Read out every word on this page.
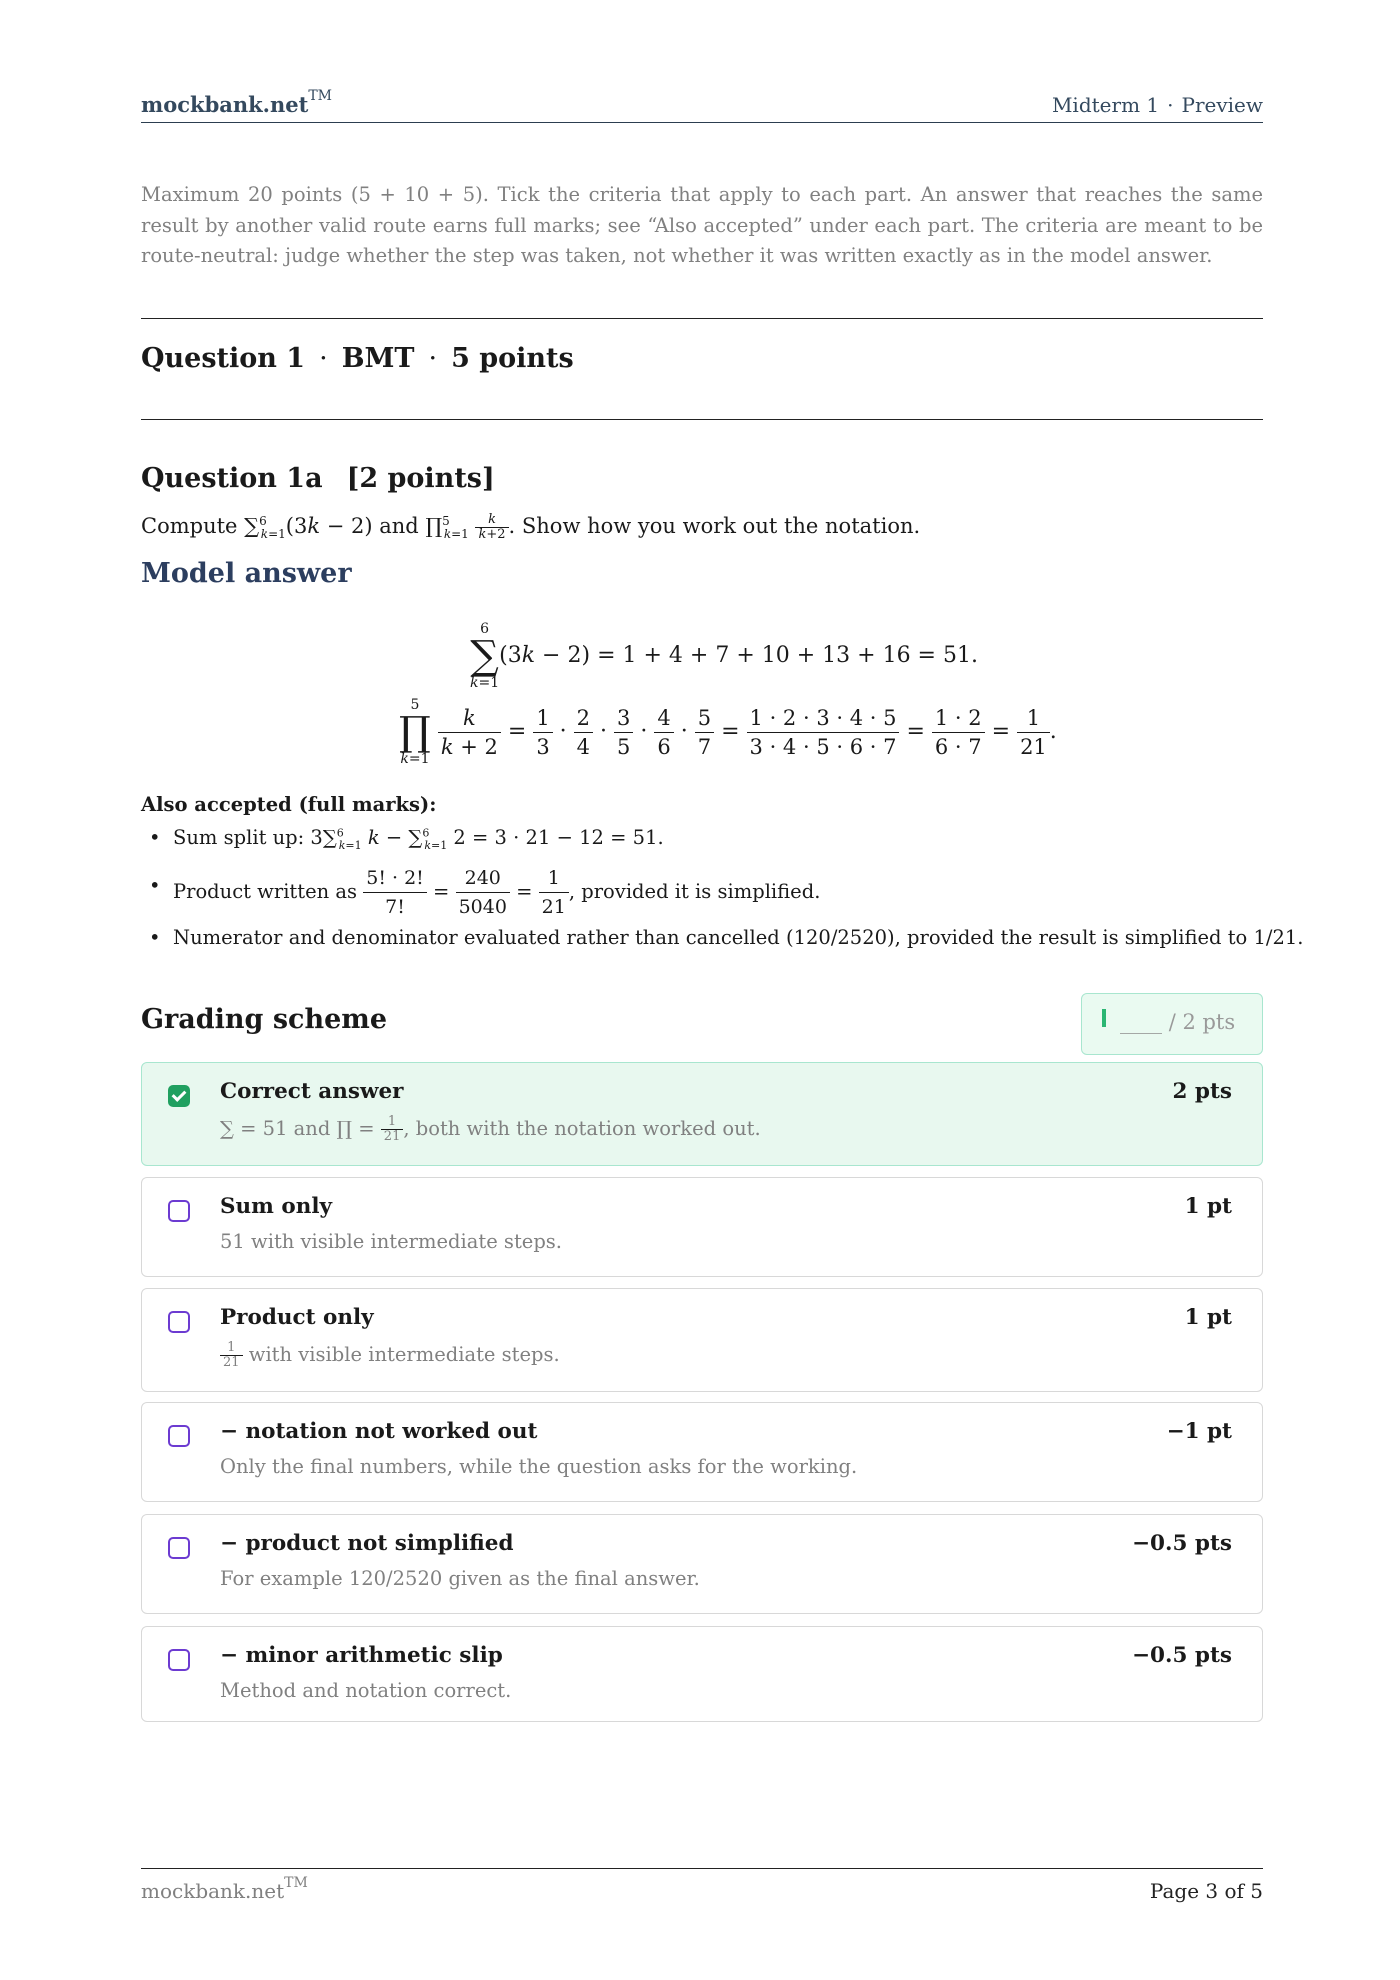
mockbank.net™	Midterm 1 · Preview
Maximum 20 points (5 + 10 + 5). Tick the criteria that apply to each part. An answer that reaches the same result by another valid route earns full marks; see “Also accepted” under each part. The criteria are meant to be route-neutral: judge whether the step was taken, not whether it was written exactly as in the model answer.
Question 1 · BMT · 5 points
Question 1a [2 points]
Compute ∑$^6_{k=1}$(3k − 2) and ∏$^5_{k=1}$ $\frac{k}{k+2}$ . Show how you work out the notation.
Model answer
6
∑
k=1
(3k − 2) = 1 + 4 + 7 + 10 + 13 + 16 = 51.
5
∏
k=1
$\frac{k}{k + 2} = \frac{1}{3} \cdot \frac{2}{4} \cdot \frac{3}{5} \cdot \frac{4}{6} \cdot \frac{5}{7} = \frac{1 \cdot 2 \cdot 3 \cdot 4 \cdot 5}{3 \cdot 4 \cdot 5 \cdot 6 \cdot 7} = \frac{1 \cdot 2}{6 \cdot 7} = \frac{1}{21}$ .
Also accepted (full marks):
• Sum split up: 3∑$^6_{k=1}$ k − ∑$^6_{k=1}$ 2 = 3 · 21 − 12 = 51.
• Product written as $\frac{5! \cdot 2!}{7!} = \frac{240}{5040} = \frac{1}{21}$ , provided it is simplified.
• Numerator and denominator evaluated rather than cancelled (120/2520), provided the result is simplified to 1/21.
Grading scheme	____ / 2 pts
Correct answer	2 pts
∑ = 51 and ∏ = $\frac{1}{21}$ , both with the notation worked out.
Sum only	1 pt
51 with visible intermediate steps.
Product only	1 pt
$\frac{1}{21}$ with visible intermediate steps.
− notation not worked out	−1 pt
Only the final numbers, while the question asks for the working.
− product not simplified	−0.5 pts
For example 120/2520 given as the final answer.
− minor arithmetic slip	−0.5 pts
Method and notation correct.
mockbank.net™	Page 3 of 5
